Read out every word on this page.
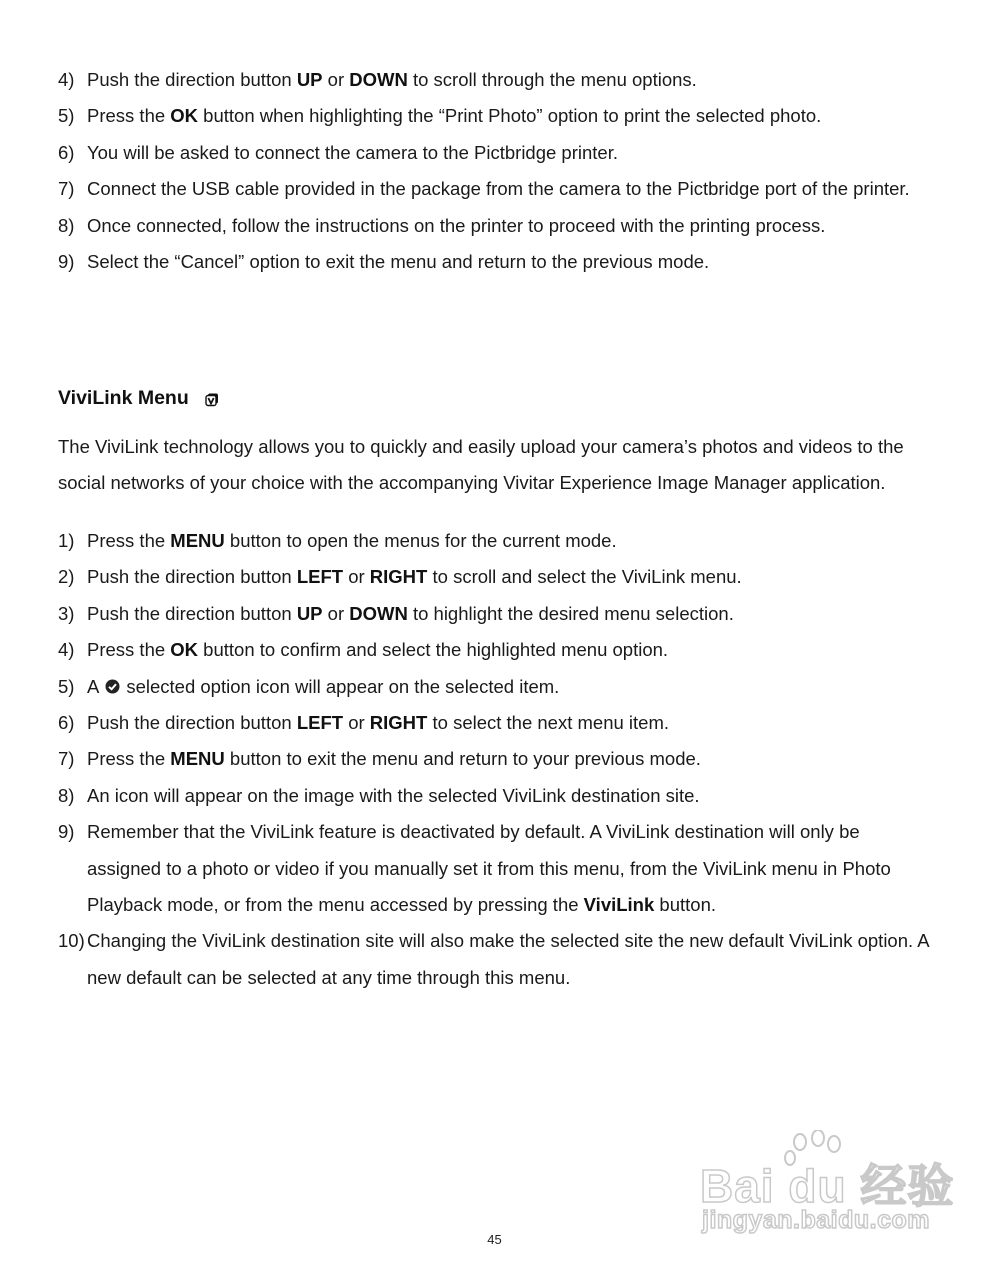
4) Push the direction button UP or DOWN to scroll through the menu options.
5) Press the OK button when highlighting the “Print Photo” option to print the selected photo.
6) You will be asked to connect the camera to the Pictbridge printer.
7) Connect the USB cable provided in the package from the camera to the Pictbridge port of the printer.
8) Once connected, follow the instructions on the printer to proceed with the printing process.
9) Select the “Cancel” option to exit the menu and return to the previous mode.
ViviLink Menu

The ViviLink technology allows you to quickly and easily upload your camera’s photos and videos to the social networks of your choice with the accompanying Vivitar Experience Image Manager application.

1) Press the MENU button to open the menus for the current mode.
2) Push the direction button LEFT or RIGHT to scroll and select the ViviLink menu.
3) Push the direction button UP or DOWN to highlight the desired menu selection.
4) Press the OK button to confirm and select the highlighted menu option.
5) A selected option icon will appear on the selected item.
6) Push the direction button LEFT or RIGHT to select the next menu item.
7) Press the MENU button to exit the menu and return to your previous mode.
8) An icon will appear on the image with the selected ViviLink destination site.
9) Remember that the ViviLink feature is deactivated by default. A ViviLink destination will only be assigned to a photo or video if you manually set it from this menu, from the ViviLink menu in Photo Playback mode, or from the menu accessed by pressing the ViviLink button.
10) Changing the ViviLink destination site will also make the selected site the new default ViviLink option. A new default can be selected at any time through this menu.
45
Bai du 经验
jingyan.baidu.com
